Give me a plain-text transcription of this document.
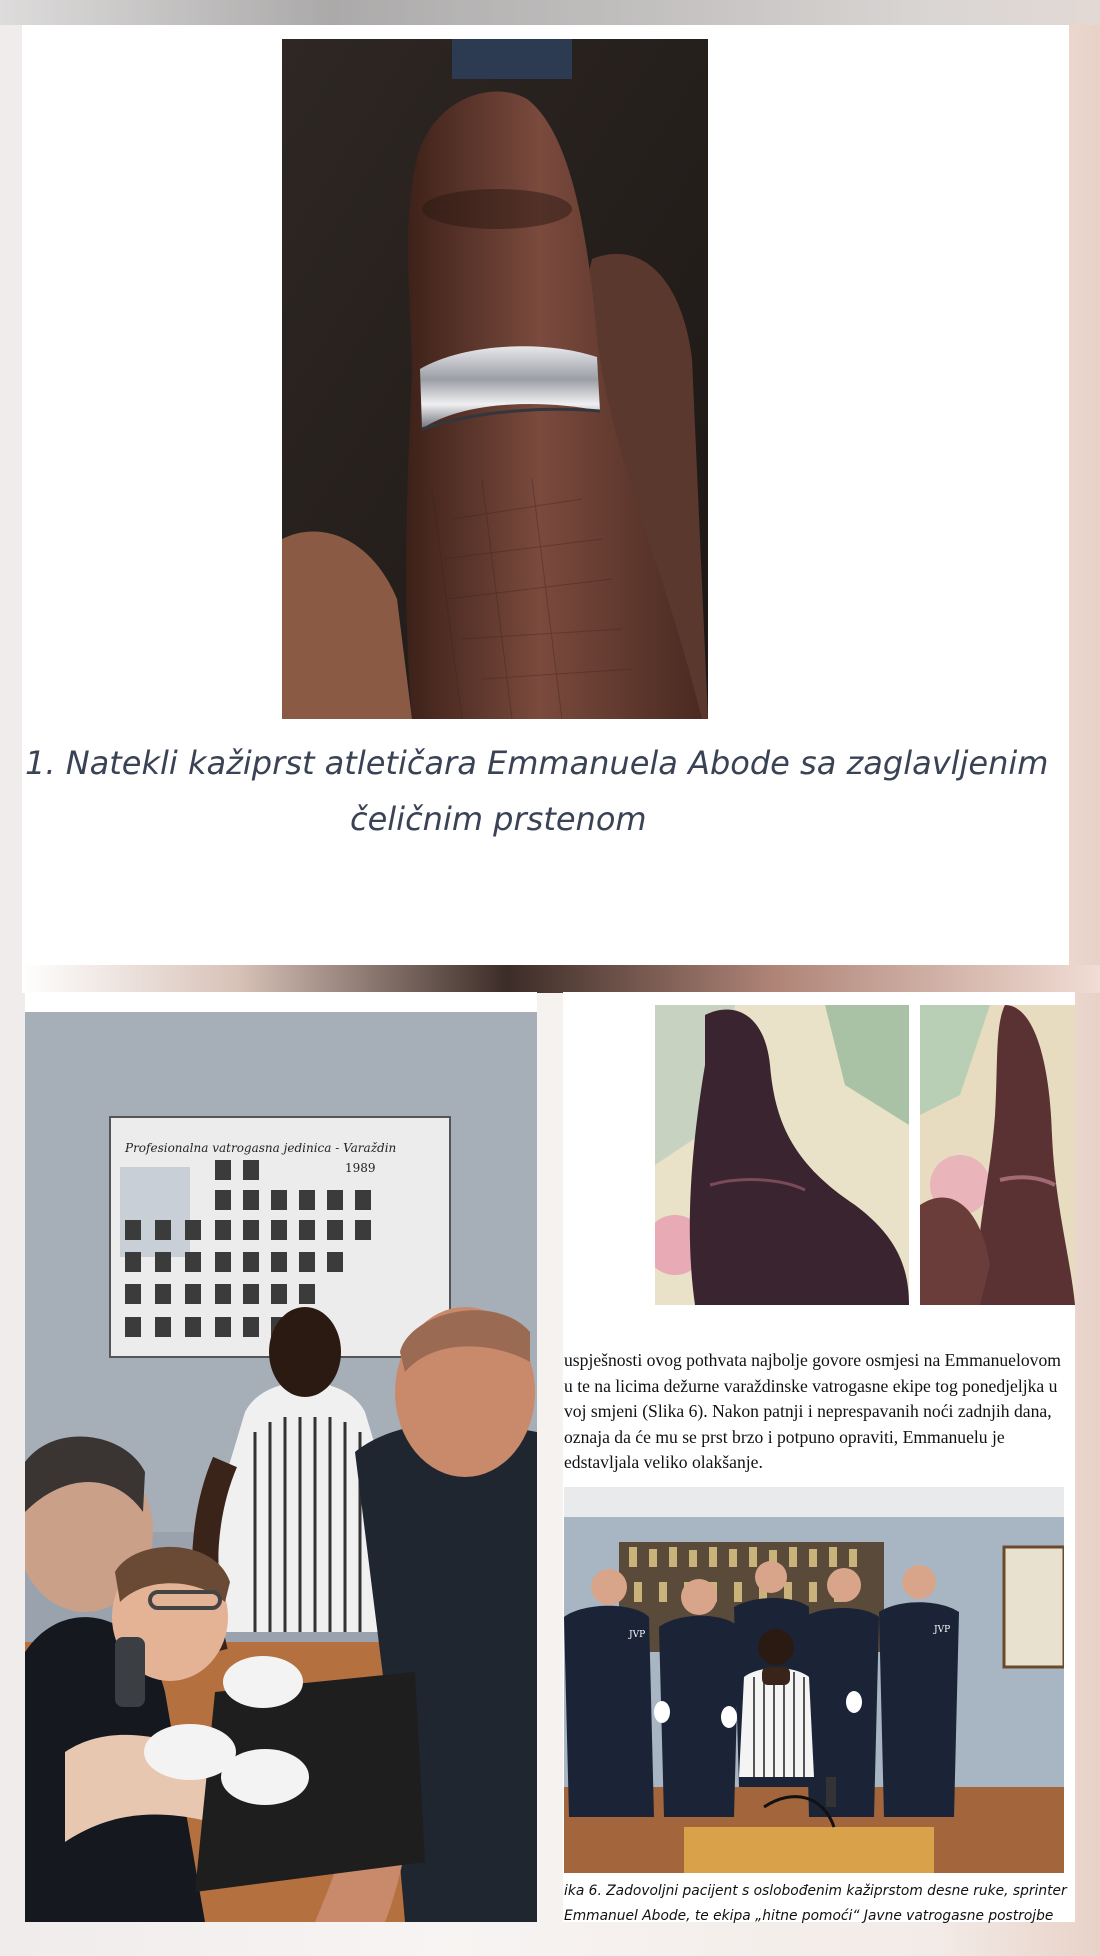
1. Natekli kažiprst atletičara Emmanuela Abode sa zaglavljenim
čeličnim prstenom
Profesionalna vatrogasna jedinica - Varaždin
1989
uspješnosti ovog pothvata najbolje govore osmjesi na Emmanuelovom
u te na licima dežurne varaždinske vatrogasne ekipe tog ponedjeljka u
voj smjeni (Slika 6). Nakon patnji i neprespavanih noći zadnjih dana,
oznaja da će mu se prst brzo i potpuno opraviti, Emmanuelu je
edstavljala veliko olakšanje.
JVP	JVP
ika 6. Zadovoljni pacijent s oslobođenim kažiprstom desne ruke, sprinter
Emmanuel Abode, te ekipa „hitne pomoći“ Javne vatrogasne postrojbe
